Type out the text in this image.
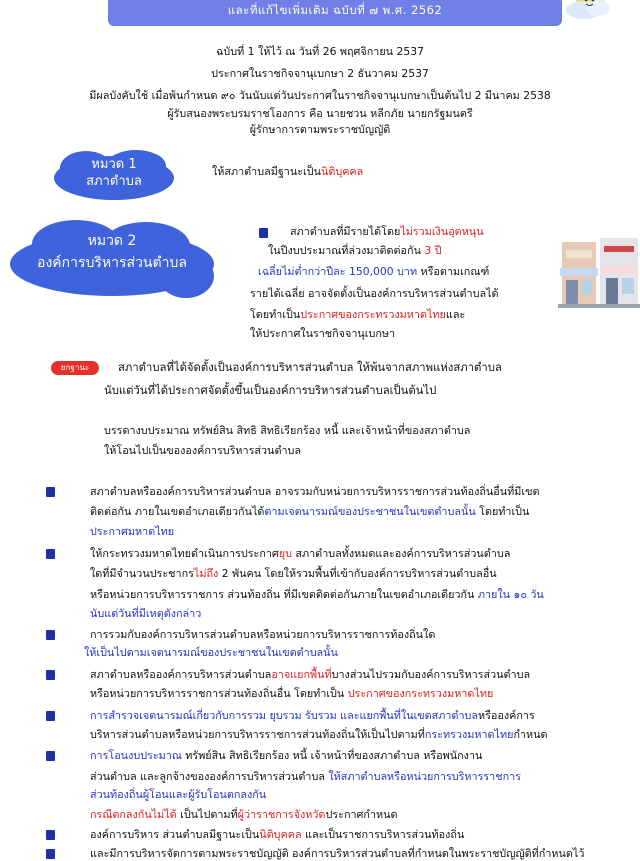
และที่แก้ไขเพิ่มเติม ฉบับที่ ๗ พ.ศ. 2562
ฉบับที่ 1 ให้ไว้ ณ วันที่ 26 พฤศจิกายน 2537
ประกาศในราชกิจจานุเบกษา 2 ธันวาคม 2537
มีผลบังคับใช้ เมื่อพ้นกำหนด ๙๐ วันนับแต่วันประกาศในราชกิจจานุเบกษาเป็นต้นไป 2 มีนาคม 2538
ผู้รับสนองพระบรมราชโองการ คือ นายชวน หลีกภัย นายกรัฐมนตรี
ผู้รักษาการตามพระราชบัญญัติ
หมวด 1
สภาตำบล
ให้สภาตำบลมีฐานะเป็นนิติบุคคล
หมวด 2
องค์การบริหารส่วนตำบล
สภาตำบลที่มีรายได้โดยไม่รวมเงินอุดหนุน
ในปีงบประมาณที่ล่วงมาติดต่อกัน 3 ปี
เฉลี่ยไม่ต่ำกว่าปีละ 150,000 บาท หรือตามเกณฑ์
รายได้เฉลี่ย อาจจัดตั้งเป็นองค์การบริหารส่วนตำบลได้
โดยทำเป็นประกาศของกระทรวงมหาดไทยและ
ให้ประกาศในราชกิจจานุเบกษา
ยกฐานะ	สภาตำบลที่ได้จัดตั้งเป็นองค์การบริหารส่วนตำบล ให้พ้นจากสภาพแห่งสภาตำบล
นับแต่วันที่ได้ประกาศจัดตั้งขึ้นเป็นองค์การบริหารส่วนตำบลเป็นต้นไป
บรรดางบประมาณ ทรัพย์สิน สิทธิ สิทธิเรียกร้อง หนี้ และเจ้าหน้าที่ของสภาตำบล
ให้โอนไปเป็นขององค์การบริหารส่วนตำบล
สภาตำบลหรือองค์การบริหารส่วนตำบล อาจรวมกับหน่วยการบริหารราชการส่วนท้องถิ่นอื่นที่มีเขต
ติดต่อกัน ภายในเขตอำเภอเดียวกันได้ตามเจตนารมณ์ของประชาชนในเขตตำบลนั้น โดยทำเป็น
ประกาศมหาดไทย
ให้กระทรวงมหาดไทยดำเนินการประกาศยุบ สภาตำบลทั้งหมดและองค์การบริหารส่วนตำบล
ใดที่มีจำนวนประชากรไม่ถึง 2 พันคน โดยให้รวมพื้นที่เข้ากับองค์การบริหารส่วนตำบลอื่น
หรือหน่วยการบริหารราชการ ส่วนท้องถิ่น ที่มีเขตติดต่อกันภายในเขตอำเภอเดียวกัน ภายใน ๑๐ วัน
นับแต่วันที่มีเหตุดังกล่าว
การรวมกับองค์การบริหารส่วนตำบลหรือหน่วยการบริหารราชการท้องถิ่นใด
ให้เป็นไปตามเจตนารมณ์ของประชาชนในเขตตำบลนั้น
สภาตำบลหรือองค์การบริหารส่วนตำบลอาจแยกพื้นที่บางส่วนไปรวมกับองค์การบริหารส่วนตำบล
หรือหน่วยการบริหารราชการส่วนท้องถิ่นอื่น โดยทำเป็น ประกาศของกระทรวงมหาดไทย
การสำรวจเจตนารมณ์เกี่ยวกับการรวม ยุบรวม รับรวม และแยกพื้นที่ในเขตสภาตำบลหรือองค์การ
บริหารส่วนตำบลหรือหน่วยการบริหารราชการส่วนท้องถิ่นให้เป็นไปตามที่กระทรวงมหาดไทยกำหนด
การโอนงบประมาณ ทรัพย์สิน สิทธิเรียกร้อง หนี้ เจ้าหน้าที่ของสภาตำบล หรือพนักงาน
ส่วนตำบล และลูกจ้างขององค์การบริหารส่วนตำบล ให้สภาตำบลหรือหน่วยการบริหารราชการ
ส่วนท้องถิ่นผู้โอนและผู้รับโอนตกลงกัน
กรณีตกลงกันไม่ได้ เป็นไปตามที่ผู้ว่าราชการจังหวัดประกาศกำหนด
องค์การบริหาร ส่วนตำบลมีฐานะเป็นนิติบุคคล และเป็นราชการบริหารส่วนท้องถิ่น
และมีการบริหารจัดการตามพระราชบัญญัติ องค์การบริหารส่วนตำบลที่กำหนดในพระราชบัญญัติที่กำหนดไว้
